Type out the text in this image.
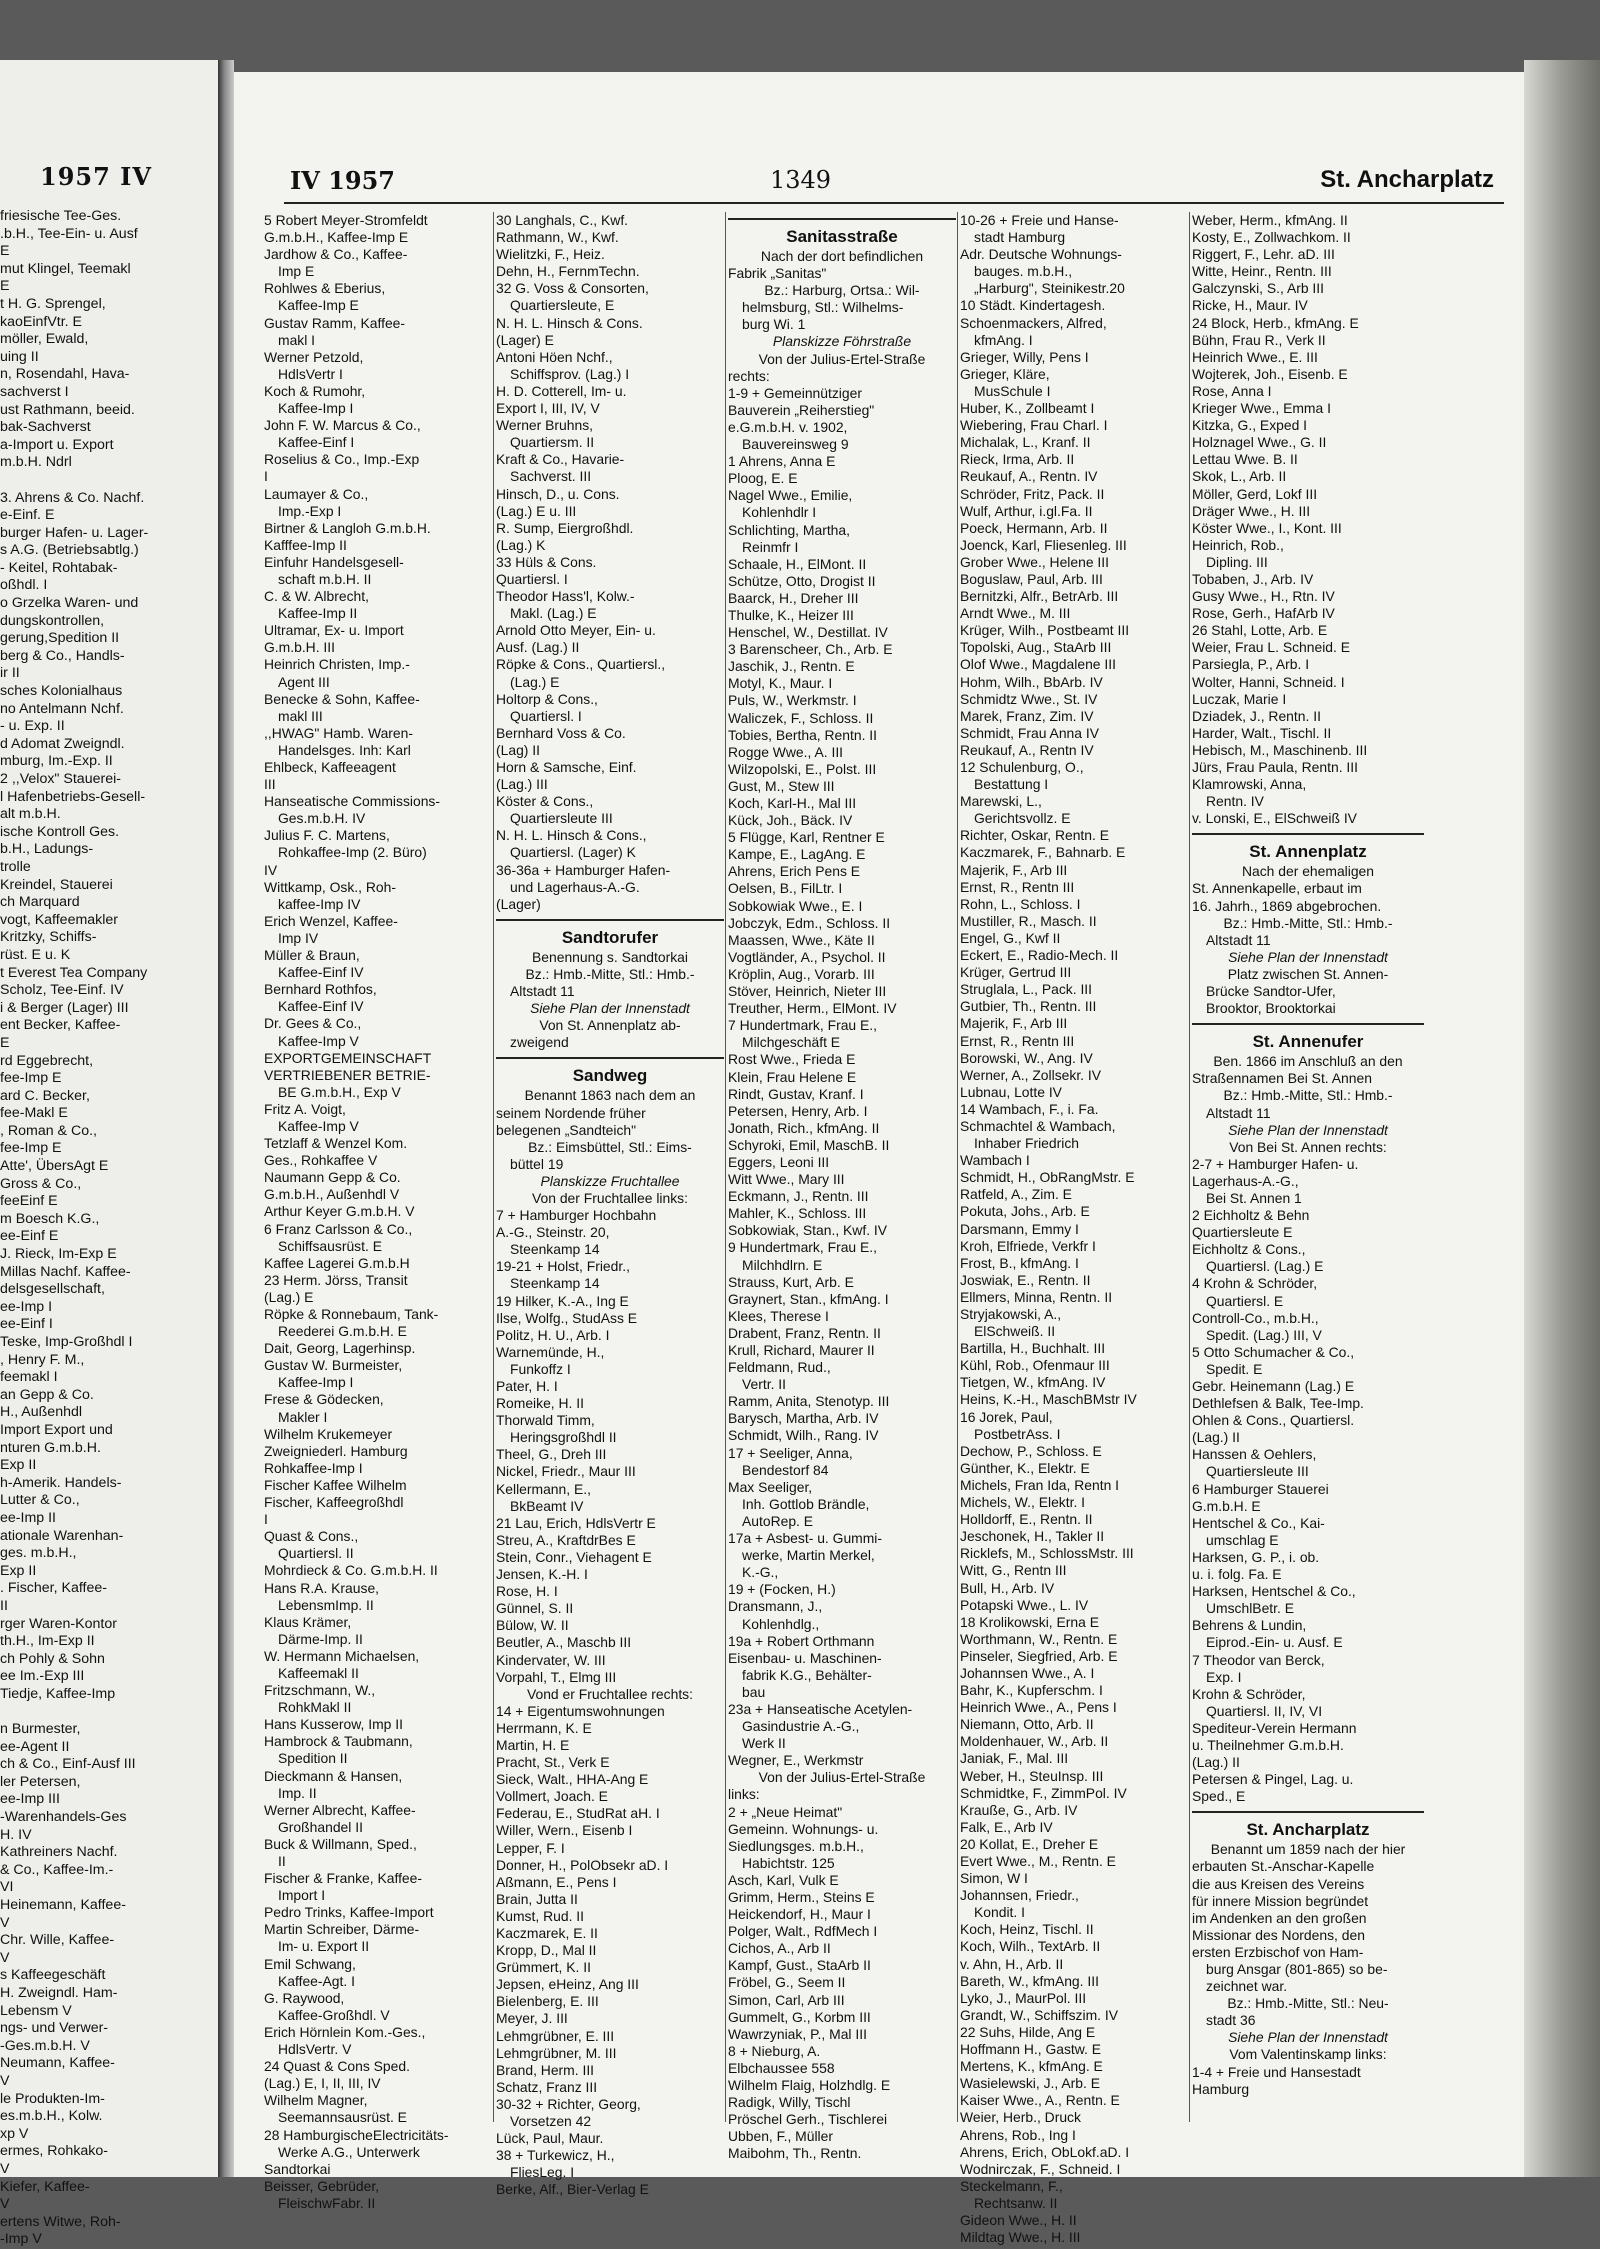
1957 IV
friesische Tee-Ges.
.b.H., Tee-Ein- u. Ausf
E
mut Klingel, Teemakl
E
t H. G. Sprengel,
kaoEinfVtr. E
möller, Ewald,
uing II
n, Rosendahl, Hava-
sachverst I
ust Rathmann, beeid.
bak-Sachverst
a-Import u. Export
m.b.H. Ndrl

3. Ahrens & Co. Nachf.
e-Einf. E
burger Hafen- u. Lager-
s A.G. (Betriebsabtlg.)
- Keitel, Rohtabak-
oßhdl. I
o Grzelka Waren- und
dungskontrollen,
gerung,Spedition II
berg & Co., Handls-
ir II
sches Kolonialhaus
no Antelmann Nchf.
- u. Exp. II
d Adomat Zweigndl.
mburg, Im.-Exp. II
2 ,,Velox" Stauerei-
l Hafenbetriebs-Gesell-
alt m.b.H.
ische Kontroll Ges.
b.H., Ladungs-
trolle
Kreindel, Stauerei
ch Marquard
vogt, Kaffeemakler
Kritzky, Schiffs-
rüst. E u. K
t Everest Tea Company
Scholz, Tee-Einf. IV
i & Berger (Lager) III
ent Becker, Kaffee-
E
rd Eggebrecht,
fee-Imp E
ard C. Becker,
fee-Makl E
, Roman & Co.,
fee-Imp E
Atte', ÜbersAgt E
Gross & Co.,
feeEinf E
m Boesch K.G.,
ee-Einf E
J. Rieck, Im-Exp E
Millas Nachf. Kaffee-
delsgesellschaft,
ee-Imp I
ee-Einf I
Teske, Imp-Großhdl I
, Henry F. M.,
feemakl I
an Gepp & Co.
H., Außenhdl
Import Export und
nturen G.m.b.H.
Exp II
h-Amerik. Handels-
Lutter & Co.,
ee-Imp II
ationale Warenhan-
ges. m.b.H.,
Exp II
. Fischer, Kaffee-
II
rger Waren-Kontor
th.H., Im-Exp II
ch Pohly & Sohn
ee Im.-Exp III
Tiedje, Kaffee-Imp

n Burmester,
ee-Agent II
ch & Co., Einf-Ausf III
ler Petersen,
ee-Imp III
-Warenhandels-Ges
H. IV
Kathreiners Nachf.
& Co., Kaffee-Im.-
VI
Heinemann, Kaffee-
V
Chr. Wille, Kaffee-
V
s Kaffeegeschäft
H. Zweigndl. Ham-
Lebensm V
ngs- und Verwer-
-Ges.m.b.H. V
Neumann, Kaffee-
V
le Produkten-Im-
es.m.b.H., Kolw.
xp V
ermes, Rohkako-
V
Kiefer, Kaffee-
V
ertens Witwe, Roh-
-Imp V
IV 1957	1349	St. Ancharplatz
5 Robert Meyer-Stromfeldt
G.m.b.H., Kaffee-Imp E
Jardhow & Co., Kaffee-
Imp E
Rohlwes & Eberius,
Kaffee-Imp E
Gustav Ramm, Kaffee-
makl I
Werner Petzold,
HdlsVertr I
Koch & Rumohr,
Kaffee-Imp I
John F. W. Marcus & Co.,
Kaffee-Einf I
Roselius & Co., Imp.-Exp
I
Laumayer & Co.,
Imp.-Exp I
Birtner & Langloh G.m.b.H.
Kafffee-Imp II
Einfuhr Handelsgesell-
schaft m.b.H. II
C. & W. Albrecht,
Kaffee-Imp II
Ultramar, Ex- u. Import
G.m.b.H. III
Heinrich Christen, Imp.-
Agent III
Benecke & Sohn, Kaffee-
makl III
,,HWAG" Hamb. Waren-
Handelsges. Inh: Karl
Ehlbeck, Kaffeeagent
III
Hanseatische Commissions-
Ges.m.b.H. IV
Julius F. C. Martens,
Rohkaffee-Imp (2. Büro)
IV
Wittkamp, Osk., Roh-
kaffee-Imp IV
Erich Wenzel, Kaffee-
Imp IV
Müller & Braun,
Kaffee-Einf IV
Bernhard Rothfos,
Kaffee-Einf IV
Dr. Gees & Co.,
Kaffee-Imp V
EXPORTGEMEINSCHAFT
VERTRIEBENER BETRIE-
BE G.m.b.H., Exp V
Fritz A. Voigt,
Kaffee-Imp V
Tetzlaff & Wenzel Kom.
Ges., Rohkaffee V
Naumann Gepp & Co.
G.m.b.H., Außenhdl V
Arthur Keyer G.m.b.H. V
6 Franz Carlsson & Co.,
Schiffsausrüst. E
Kaffee Lagerei G.m.b.H
23 Herm. Jörss, Transit
(Lag.) E
Röpke & Ronnebaum, Tank-
Reederei G.m.b.H. E
Dait, Georg, Lagerhinsp.
Gustav W. Burmeister,
Kaffee-Imp I
Frese & Gödecken,
Makler I
Wilhelm Krukemeyer
Zweigniederl. Hamburg
Rohkaffee-Imp I
Fischer Kaffee Wilhelm
Fischer, Kaffeegroßhdl
I
Quast & Cons.,
Quartiersl. II
Mohrdieck & Co. G.m.b.H. II
Hans R.A. Krause,
LebensmImp. II
Klaus Krämer,
Därme-Imp. II
W. Hermann Michaelsen,
Kaffeemakl II
Fritzschmann, W.,
RohkMakl II
Hans Kusserow, Imp II
Hambrock & Taubmann,
Spedition II
Dieckmann & Hansen,
Imp. II
Werner Albrecht, Kaffee-
Großhandel II
Buck & Willmann, Sped.,
II
Fischer & Franke, Kaffee-
Import I
Pedro Trinks, Kaffee-Import
Martin Schreiber, Därme-
Im- u. Export II
Emil Schwang,
Kaffee-Agt. I
G. Raywood,
Kaffee-Großhdl. V
Erich Hörnlein Kom.-Ges.,
HdlsVertr. V
24 Quast & Cons Sped.
(Lag.) E, I, II, III, IV
Wilhelm Magner,
Seemannsausrüst. E
28 HamburgischeElectricitäts-
Werke A.G., Unterwerk
Sandtorkai
Beisser, Gebrüder,
FleischwFabr. II
30 Langhals, C., Kwf.
Rathmann, W., Kwf.
Wielitzki, F., Heiz.
Dehn, H., FernmTechn.
32 G. Voss & Consorten,
Quartiersleute, E
N. H. L. Hinsch & Cons.
(Lager) E
Antoni Höen Nchf.,
Schiffsprov. (Lag.) I
H. D. Cotterell, Im- u.
Export I, III, IV, V
Werner Bruhns,
Quartiersm. II
Kraft & Co., Havarie-
Sachverst. III
Hinsch, D., u. Cons.
(Lag.) E u. III
R. Sump, Eiergroßhdl.
(Lag.) K
33 Hüls & Cons.
Quartiersl. I
Theodor Hass'l, Kolw.-
Makl. (Lag.) E
Arnold Otto Meyer, Ein- u.
Ausf. (Lag.) II
Röpke & Cons., Quartiersl.,
(Lag.) E
Holtorp & Cons.,
Quartiersl. I
Bernhard Voss & Co.
(Lag) II
Horn & Samsche, Einf.
(Lag.) III
Köster & Cons.,
Quartiersleute III
N. H. L. Hinsch & Cons.,
Quartiersl. (Lager) K
36-36a + Hamburger Hafen-
und Lagerhaus-A.-G.
(Lager)
Sandtorufer
Benennung s. Sandtorkai
Bz.: Hmb.-Mitte, Stl.: Hmb.-
Altstadt 11
Siehe Plan der Innenstadt
Von St. Annenplatz ab-
zweigend
Sandweg
Benannt 1863 nach dem an
seinem Nordende früher
belegenen „Sandteich"
Bz.: Eimsbüttel, Stl.: Eims-
büttel 19
Planskizze Fruchtallee
Von der Fruchtallee links:
7 + Hamburger Hochbahn
A.-G., Steinstr. 20,
Steenkamp 14
19-21 + Holst, Friedr.,
Steenkamp 14
19 Hilker, K.-A., Ing E
Ilse, Wolfg., StudAss E
Politz, H. U., Arb. I
Warnemünde, H.,
Funkoffz I
Pater, H. I
Romeike, H. II
Thorwald Timm,
Heringsgroßhdl II
Theel, G., Dreh III
Nickel, Friedr., Maur III
Kellermann, E.,
BkBeamt IV
21 Lau, Erich, HdlsVertr E
Streu, A., KraftdrBes E
Stein, Conr., Viehagent E
Jensen, K.-H. I
Rose, H. I
Günnel, S. II
Bülow, W. II
Beutler, A., Maschb III
Kindervater, W. III
Vorpahl, T., Elmg III
Vond er Fruchtallee rechts:
14 + Eigentumswohnungen
Herrmann, K. E
Martin, H. E
Pracht, St., Verk E
Sieck, Walt., HHA-Ang E
Vollmert, Joach. E
Federau, E., StudRat aH. I
Willer, Wern., Eisenb I
Lepper, F. I
Donner, H., PolObsekr aD. I
Aßmann, E., Pens I
Brain, Jutta II
Kumst, Rud. II
Kaczmarek, E. II
Kropp, D., Mal II
Grümmert, K. II
Jepsen, eHeinz, Ang III
Bielenberg, E. III
Meyer, J. III
Lehmgrübner, E. III
Lehmgrübner, M. III
Brand, Herm. III
Schatz, Franz III
30-32 + Richter, Georg,
Vorsetzen 42
Lück, Paul, Maur.
38 + Turkewicz, H.,
FliesLeg. I
Berke, Alf., Bier-Verlag E
Sanitasstraße
Nach der dort befindlichen
Fabrik „Sanitas"
Bz.: Harburg, Ortsa.: Wil-
helmsburg, Stl.: Wilhelms-
burg Wi. 1
Planskizze Föhrstraße
Von der Julius-Ertel-Straße
rechts:
1-9 + Gemeinnütziger
Bauverein „Reiherstieg"
e.G.m.b.H. v. 1902,
Bauvereinsweg 9
1 Ahrens, Anna E
Ploog, E. E
Nagel Wwe., Emilie,
Kohlenhdlr I
Schlichting, Martha,
Reinmfr I
Schaale, H., ElMont. II
Schütze, Otto, Drogist II
Baarck, H., Dreher III
Thulke, K., Heizer III
Henschel, W., Destillat. IV
3 Barenscheer, Ch., Arb. E
Jaschik, J., Rentn. E
Motyl, K., Maur. I
Puls, W., Werkmstr. I
Waliczek, F., Schloss. II
Tobies, Bertha, Rentn. II
Rogge Wwe., A. III
Wilzopolski, E., Polst. III
Gust, M., Stew III
Koch, Karl-H., Mal III
Kück, Joh., Bäck. IV
5 Flügge, Karl, Rentner E
Kampe, E., LagAng. E
Ahrens, Erich Pens E
Oelsen, B., FilLtr. I
Sobkowiak Wwe., E. I
Jobczyk, Edm., Schloss. II
Maassen, Wwe., Käte II
Vogtländer, A., Psychol. II
Kröplin, Aug., Vorarb. III
Stöver, Heinrich, Nieter III
Treuther, Herm., ElMont. IV
7 Hundertmark, Frau E.,
Milchgeschäft E
Rost Wwe., Frieda E
Klein, Frau Helene E
Rindt, Gustav, Kranf. I
Petersen, Henry, Arb. I
Jonath, Rich., kfmAng. II
Schyroki, Emil, MaschB. II
Eggers, Leoni III
Witt Wwe., Mary III
Eckmann, J., Rentn. III
Mahler, K., Schloss. III
Sobkowiak, Stan., Kwf. IV
9 Hundertmark, Frau E.,
Milchhdlrn. E
Strauss, Kurt, Arb. E
Graynert, Stan., kfmAng. I
Klees, Therese I
Drabent, Franz, Rentn. II
Krull, Richard, Maurer II
Feldmann, Rud.,
Vertr. II
Ramm, Anita, Stenotyp. III
Barysch, Martha, Arb. IV
Schmidt, Wilh., Rang. IV
17 + Seeliger, Anna,
Bendestorf 84
Max Seeliger,
Inh. Gottlob Brändle,
AutoRep. E
17a + Asbest- u. Gummi-
werke, Martin Merkel,
K.-G.,
19 + (Focken, H.)
Dransmann, J.,
Kohlenhdlg.,
19a + Robert Orthmann
Eisenbau- u. Maschinen-
fabrik K.G., Behälter-
bau
23a + Hanseatische Acetylen-
Gasindustrie A.-G.,
Werk II
Wegner, E., Werkmstr
Von der Julius-Ertel-Straße
links:
2 + „Neue Heimat"
Gemeinn. Wohnungs- u.
Siedlungsges. m.b.H.,
Habichtstr. 125
Asch, Karl, Vulk E
Grimm, Herm., Steins E
Heickendorf, H., Maur I
Polger, Walt., RdfMech I
Cichos, A., Arb II
Kampf, Gust., StaArb II
Fröbel, G., Seem II
Simon, Carl, Arb III
Gummelt, G., Korbm III
Wawrzyniak, P., Mal III
8 + Nieburg, A.
Elbchaussee 558
Wilhelm Flaig, Holzhdlg. E
Radigk, Willy, Tischl
Pröschel Gerh., Tischlerei
Ubben, F., Müller
Maibohm, Th., Rentn.
10-26 + Freie und Hanse-
stadt Hamburg
Adr. Deutsche Wohnungs-
bauges. m.b.H.,
„Harburg", Steinikestr.20
10 Städt. Kindertagesh.
Schoenmackers, Alfred,
kfmAng. I
Grieger, Willy, Pens I
Grieger, Kläre,
MusSchule I
Huber, K., Zollbeamt I
Wiebering, Frau Charl. I
Michalak, L., Kranf. II
Rieck, Irma, Arb. II
Reukauf, A., Rentn. IV
Schröder, Fritz, Pack. II
Wulf, Arthur, i.gl.Fa. II
Poeck, Hermann, Arb. II
Joenck, Karl, Fliesenleg. III
Grober Wwe., Helene III
Boguslaw, Paul, Arb. III
Bernitzki, Alfr., BetrArb. III
Arndt Wwe., M. III
Krüger, Wilh., Postbeamt III
Topolski, Aug., StaArb III
Olof Wwe., Magdalene III
Hohm, Wilh., BbArb. IV
Schmidtz Wwe., St. IV
Marek, Franz, Zim. IV
Schmidt, Frau Anna IV
Reukauf, A., Rentn IV
12 Schulenburg, O.,
Bestattung I
Marewski, L.,
Gerichtsvollz. E
Richter, Oskar, Rentn. E
Kaczmarek, F., Bahnarb. E
Majerik, F., Arb III
Ernst, R., Rentn III
Rohn, L., Schloss. I
Mustiller, R., Masch. II
Engel, G., Kwf II
Eckert, E., Radio-Mech. II
Krüger, Gertrud III
Struglala, L., Pack. III
Gutbier, Th., Rentn. III
Majerik, F., Arb III
Ernst, R., Rentn III
Borowski, W., Ang. IV
Werner, A., Zollsekr. IV
Lubnau, Lotte IV
14 Wambach, F., i. Fa.
Schmachtel & Wambach,
Inhaber Friedrich
Wambach I
Schmidt, H., ObRangMstr. E
Ratfeld, A., Zim. E
Pokuta, Johs., Arb. E
Darsmann, Emmy I
Kroh, Elfriede, Verkfr I
Frost, B., kfmAng. I
Joswiak, E., Rentn. II
Ellmers, Minna, Rentn. II
Stryjakowski, A.,
ElSchweiß. II
Bartilla, H., Buchhalt. III
Kühl, Rob., Ofenmaur III
Tietgen, W., kfmAng. IV
Heins, K.-H., MaschBMstr IV
16 Jorek, Paul,
PostbetrAss. I
Dechow, P., Schloss. E
Günther, K., Elektr. E
Michels, Fran Ida, Rentn I
Michels, W., Elektr. I
Holldorff, E., Rentn. II
Jeschonek, H., Takler II
Ricklefs, M., SchlossMstr. III
Witt, G., Rentn III
Bull, H., Arb. IV
Potapski Wwe., L. IV
18 Krolikowski, Erna E
Worthmann, W., Rentn. E
Pinseler, Siegfried, Arb. E
Johannsen Wwe., A. I
Bahr, K., Kupferschm. I
Heinrich Wwe., A., Pens I
Niemann, Otto, Arb. II
Moldenhauer, W., Arb. II
Janiak, F., Mal. III
Weber, H., SteuInsp. III
Schmidtke, F., ZimmPol. IV
Krauße, G., Arb. IV
Falk, E., Arb IV
20 Kollat, E., Dreher E
Evert Wwe., M., Rentn. E
Simon, W I
Johannsen, Friedr.,
Kondit. I
Koch, Heinz, Tischl. II
Koch, Wilh., TextArb. II
v. Ahn, H., Arb. II
Bareth, W., kfmAng. III
Lyko, J., MaurPol. III
Grandt, W., Schiffszim. IV
22 Suhs, Hilde, Ang E
Hoffmann H., Gastw. E
Mertens, K., kfmAng. E
Wasielewski, J., Arb. E
Kaiser Wwe., A., Rentn. E
Weier, Herb., Druck
Ahrens, Rob., Ing I
Ahrens, Erich, ObLokf.aD. I
Wodnirczak, F., Schneid. I
Steckelmann, F.,
Rechtsanw. II
Gideon Wwe., H. II
Mildtag Wwe., H. III
Weber, Herm., kfmAng. II
Kosty, E., Zollwachkom. II
Riggert, F., Lehr. aD. III
Witte, Heinr., Rentn. III
Galczynski, S., Arb III
Ricke, H., Maur. IV
24 Block, Herb., kfmAng. E
Bühn, Frau R., Verk II
Heinrich Wwe., E. III
Wojterek, Joh., Eisenb. E
Rose, Anna I
Krieger Wwe., Emma I
Kitzka, G., Exped I
Holznagel Wwe., G. II
Lettau Wwe. B. II
Skok, L., Arb. II
Möller, Gerd, Lokf III
Dräger Wwe., H. III
Köster Wwe., I., Kont. III
Heinrich, Rob.,
Dipling. III
Tobaben, J., Arb. IV
Gusy Wwe., H., Rtn. IV
Rose, Gerh., HafArb IV
26 Stahl, Lotte, Arb. E
Weier, Frau L. Schneid. E
Parsiegla, P., Arb. I
Wolter, Hanni, Schneid. I
Luczak, Marie I
Dziadek, J., Rentn. II
Harder, Walt., Tischl. II
Hebisch, M., Maschinenb. III
Jürs, Frau Paula, Rentn. III
Klamrowski, Anna,
Rentn. IV
v. Lonski, E., ElSchweiß IV
St. Annenplatz
Nach der ehemaligen
St. Annenkapelle, erbaut im
16. Jahrh., 1869 abgebrochen.
Bz.: Hmb.-Mitte, Stl.: Hmb.-
Altstadt 11
Siehe Plan der Innenstadt
Platz zwischen St. Annen-
Brücke Sandtor-Ufer,
Brooktor, Brooktorkai
St. Annenufer
Ben. 1866 im Anschluß an den
Straßennamen Bei St. Annen
Bz.: Hmb.-Mitte, Stl.: Hmb.-
Altstadt 11
Siehe Plan der Innenstadt
Von Bei St. Annen rechts:
2-7 + Hamburger Hafen- u.
Lagerhaus-A.-G.,
Bei St. Annen 1
2 Eichholtz & Behn
Quartiersleute E
Eichholtz & Cons.,
Quartiersl. (Lag.) E
4 Krohn & Schröder,
Quartiersl. E
Controll-Co., m.b.H.,
Spedit. (Lag.) III, V
5 Otto Schumacher & Co.,
Spedit. E
Gebr. Heinemann (Lag.) E
Dethlefsen & Balk, Tee-Imp.
Ohlen & Cons., Quartiersl.
(Lag.) II
Hanssen & Oehlers,
Quartiersleute III
6 Hamburger Stauerei
G.m.b.H. E
Hentschel & Co., Kai-
umschlag E
Harksen, G. P., i. ob.
u. i. folg. Fa. E
Harksen, Hentschel & Co.,
UmschlBetr. E
Behrens & Lundin,
Eiprod.-Ein- u. Ausf. E
7 Theodor van Berck,
Exp. I
Krohn & Schröder,
Quartiersl. II, IV, VI
Spediteur-Verein Hermann
u. Theilnehmer G.m.b.H.
(Lag.) II
Petersen & Pingel, Lag. u.
Sped., E
St. Ancharplatz
Benannt um 1859 nach der hier
erbauten St.-Anschar-Kapelle
die aus Kreisen des Vereins
für innere Mission begründet
im Andenken an den großen
Missionar des Nordens, den
ersten Erzbischof von Ham-
burg Ansgar (801-865) so be-
zeichnet war.
Bz.: Hmb.-Mitte, Stl.: Neu-
stadt 36
Siehe Plan der Innenstadt
Vom Valentinskamp links:
1-4 + Freie und Hansestadt
Hamburg
